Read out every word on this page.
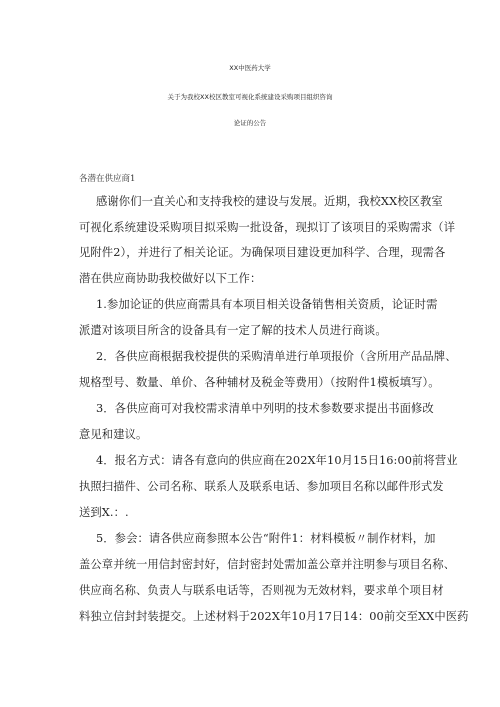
XX中医药大学
关于为我校XX校区教室可视化系统建设采购项目组织咨询
论证的公告
各潜在供应商1
感谢你们一直关心和支持我校的建设与发展。近期，我校XX校区教室
可视化系统建设采购项目拟采购一批设备，现拟订了该项目的采购需求（详
见附件2），并进行了相关论证。为确保项目建设更加科学、合理，现需各
潜在供应商协助我校做好以下工作：
1.参加论证的供应商需具有本项目相关设备销售相关资质，论证时需
派遣对该项目所含的设备具有一定了解的技术人员进行商谈。
2．各供应商根据我校提供的采购清单进行单项报价（含所用产品品牌、
规格型号、数量、单价、各种辅材及税金等费用）（按附件1模板填写）。
3．各供应商可对我校需求清单中列明的技术参数要求提出书面修改
意见和建议。
4．报名方式：请各有意向的供应商在202X年10月15日16:00前将营业
执照扫描件、公司名称、联系人及联系电话、参加项目名称以邮件形式发
送到X.：.
5．参会：请各供应商参照本公告“附件1：材料模板〃制作材料，加
盖公章并统一用信封密封好，信封密封处需加盖公章并注明参与项目名称、
供应商名称、负责人与联系电话等，否则视为无效材料，要求单个项目材
料独立信封封装提交。上述材料于202X年10月17日14：00前交至XX中医药
